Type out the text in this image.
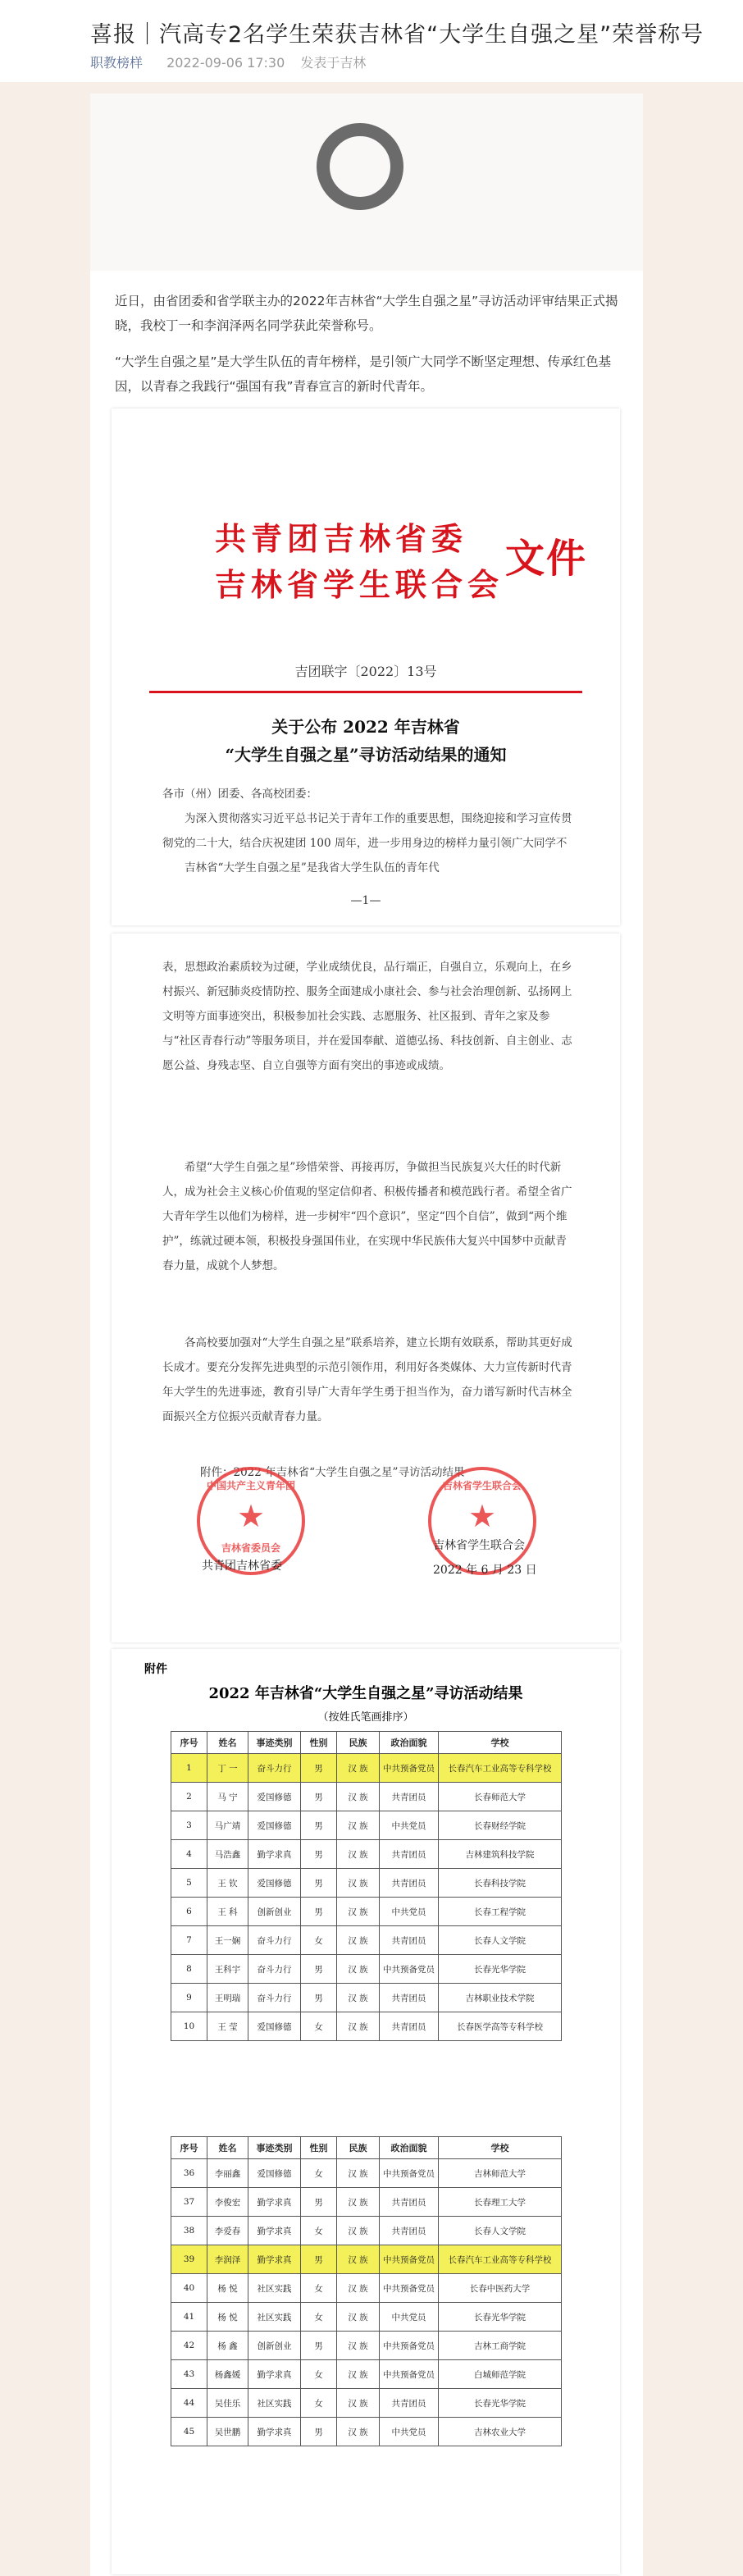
喜报｜汽高专2名学生荣获吉林省“大学生自强之星”荣誉称号
职教榜样 2022-09-06 17:30 发表于吉林
近日，由省团委和省学联主办的2022年吉林省“大学生自强之星”寻访活动评审结果正式揭晓，我校丁一和李润泽两名同学获此荣誉称号。
“大学生自强之星”是大学生队伍的青年榜样，是引领广大同学不断坚定理想、传承红色基因，以青春之我践行“强国有我”青春宣言的新时代青年。
共青团吉林省委
吉林省学生联合会
文件
吉团联字〔2022〕13号
关于公布 2022 年吉林省
“大学生自强之星”寻访活动结果的通知
各市（州）团委、各高校团委：
为深入贯彻落实习近平总书记关于青年工作的重要思想，围绕迎接和学习宣传贯彻党的二十大，结合庆祝建团 100 周年，进一步用身边的榜样力量引领广大同学不
吉林省“大学生自强之星”是我省大学生队伍的青年代
—1—
表，思想政治素质较为过硬，学业成绩优良，品行端正，自强自立，乐观向上，在乡村振兴、新冠肺炎疫情防控、服务全面建成小康社会、参与社会治理创新、弘扬网上文明等方面事迹突出，积极参加社会实践、志愿服务、社区报到、青年之家及参与“社区青春行动”等服务项目，并在爱国奉献、道德弘扬、科技创新、自主创业、志愿公益、身残志坚、自立自强等方面有突出的事迹或成绩。
希望“大学生自强之星”珍惜荣誉、再接再厉，争做担当民族复兴大任的时代新人，成为社会主义核心价值观的坚定信仰者、积极传播者和模范践行者。希望全省广大青年学生以他们为榜样，进一步树牢“四个意识”，坚定“四个自信”，做到“两个维护”，练就过硬本领，积极投身强国伟业，在实现中华民族伟大复兴中国梦中贡献青春力量，成就个人梦想。
各高校要加强对“大学生自强之星”联系培养，建立长期有效联系，帮助其更好成长成才。要充分发挥先进典型的示范引领作用，利用好各类媒体、大力宣传新时代青年大学生的先进事迹，教育引导广大青年学生勇于担当作为，奋力谱写新时代吉林全面振兴全方位振兴贡献青春力量。
附件：2022 年吉林省“大学生自强之星”寻访活动结果
中国共产主义青年团
★
吉林省委员会
吉林省学生联合会
★
共青团吉林省委
吉林省学生联合会
2022 年 6 月 23 日
附件
2022 年吉林省“大学生自强之星”寻访活动结果
（按姓氏笔画排序）
序号	姓名	事迹类别	性别	民族	政治面貌	学校
1	丁 一	奋斗力行	男	汉 族	中共预备党员	长春汽车工业高等专科学校
2	马 宁	爱国修德	男	汉 族	共青团员	长春师范大学
3	马广靖	爱国修德	男	汉 族	中共党员	长春财经学院
4	马浩鑫	勤学求真	男	汉 族	共青团员	吉林建筑科技学院
5	王 钦	爱国修德	男	汉 族	共青团员	长春科技学院
6	王 科	创新创业	男	汉 族	中共党员	长春工程学院
7	王一娴	奋斗力行	女	汉 族	共青团员	长春人文学院
8	王科宇	奋斗力行	男	汉 族	中共预备党员	长春光华学院
9	王明瑞	奋斗力行	男	汉 族	共青团员	吉林职业技术学院
10	王 莹	爱国修德	女	汉 族	共青团员	长春医学高等专科学校
序号	姓名	事迹类别	性别	民族	政治面貌	学校
36	李丽鑫	爱国修德	女	汉 族	中共预备党员	吉林师范大学
37	李俊宏	勤学求真	男	汉 族	共青团员	长春理工大学
38	李爱春	勤学求真	女	汉 族	共青团员	长春人文学院
39	李润泽	勤学求真	男	汉 族	中共预备党员	长春汽车工业高等专科学校
40	杨 悦	社区实践	女	汉 族	中共预备党员	长春中医药大学
41	杨 悦	社区实践	女	汉 族	中共党员	长春光华学院
42	杨 鑫	创新创业	男	汉 族	中共预备党员	吉林工商学院
43	杨鑫媛	勤学求真	女	汉 族	中共预备党员	白城师范学院
44	吴佳乐	社区实践	女	汉 族	共青团员	长春光华学院
45	吴世鹏	勤学求真	男	汉 族	中共党员	吉林农业大学
